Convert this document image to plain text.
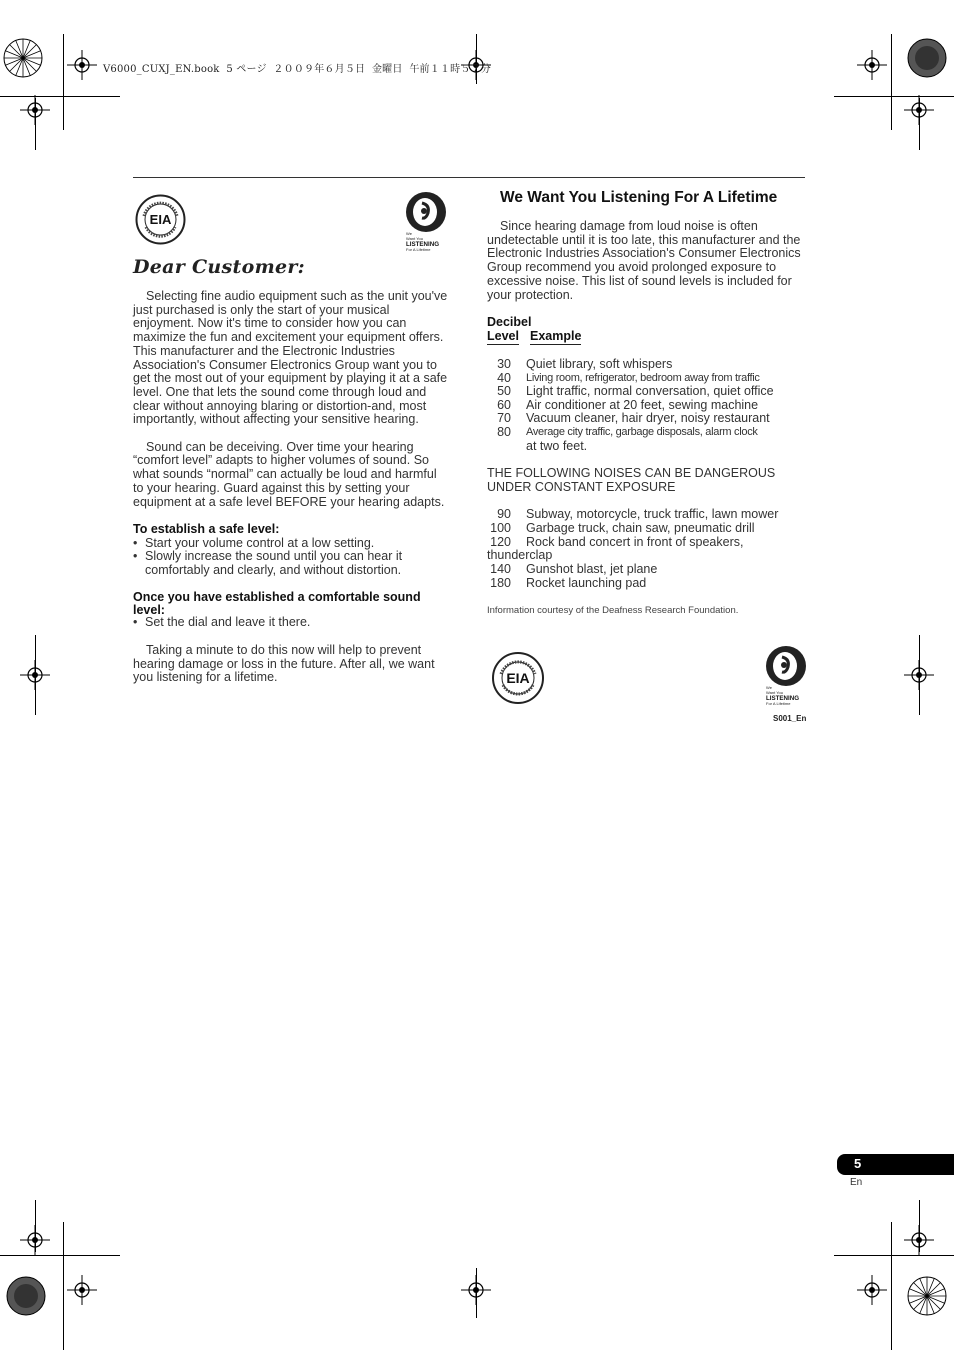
V6000_CUXJ_EN.book  5 ページ  ２００９年６月５日  金曜日  午前１１時５７分
EIA
We
Want You
LISTENING
For A Lifetime
Dear Customer:

Selecting fine audio equipment such as the unit you've just purchased is only the start of your musical enjoyment. Now it's time to consider how you can maximize the fun and excitement your equipment offers. This manufacturer and the Electronic Industries Association's Consumer Electronics Group want you to get the most out of your equipment by playing it at a safe level. One that lets the sound come through loud and clear without annoying blaring or distortion-and, most importantly, without affecting your sensitive hearing.

Sound can be deceiving. Over time your hearing “comfort level” adapts to higher volumes of sound. So what sounds “normal” can actually be loud and harmful to your hearing. Guard against this by setting your equipment at a safe level BEFORE your hearing adapts.

To establish a safe level:

• Start your volume control at a low setting.
• Slowly increase the sound until you can hear it comfortably and clearly, and without distortion.

Once you have established a comfortable sound level:

• Set the dial and leave it there.

Taking a minute to do this now will help to prevent hearing damage or loss in the future. After all, we want you listening for a lifetime.

We Want You Listening For A Lifetime

Since hearing damage from loud noise is often undetectable until it is too late, this manufacturer and the Electronic Industries Association's Consumer Electronics Group recommend you avoid prolonged exposure to excessive noise. This list of sound levels is included for your protection.

Decibel
Level Example
30 Quiet library, soft whispers
40 Living room, refrigerator, bedroom away from traffic
50 Light traffic, normal conversation, quiet office
60 Air conditioner at 20 feet, sewing machine
70 Vacuum cleaner, hair dryer, noisy restaurant
80 Average city traffic, garbage disposals, alarm clock
at two feet.

THE FOLLOWING NOISES CAN BE DANGEROUS

UNDER CONSTANT EXPOSURE

90 Subway, motorcycle, truck traffic, lawn mower
100 Garbage truck, chain saw, pneumatic drill
120 Rock band concert in front of speakers,
thunderclap
140 Gunshot blast, jet plane
180 Rocket launching pad
Information courtesy of the Deafness Research Foundation.
EIA
We
Want You
LISTENING
For A Lifetime
S001_En
5
En
